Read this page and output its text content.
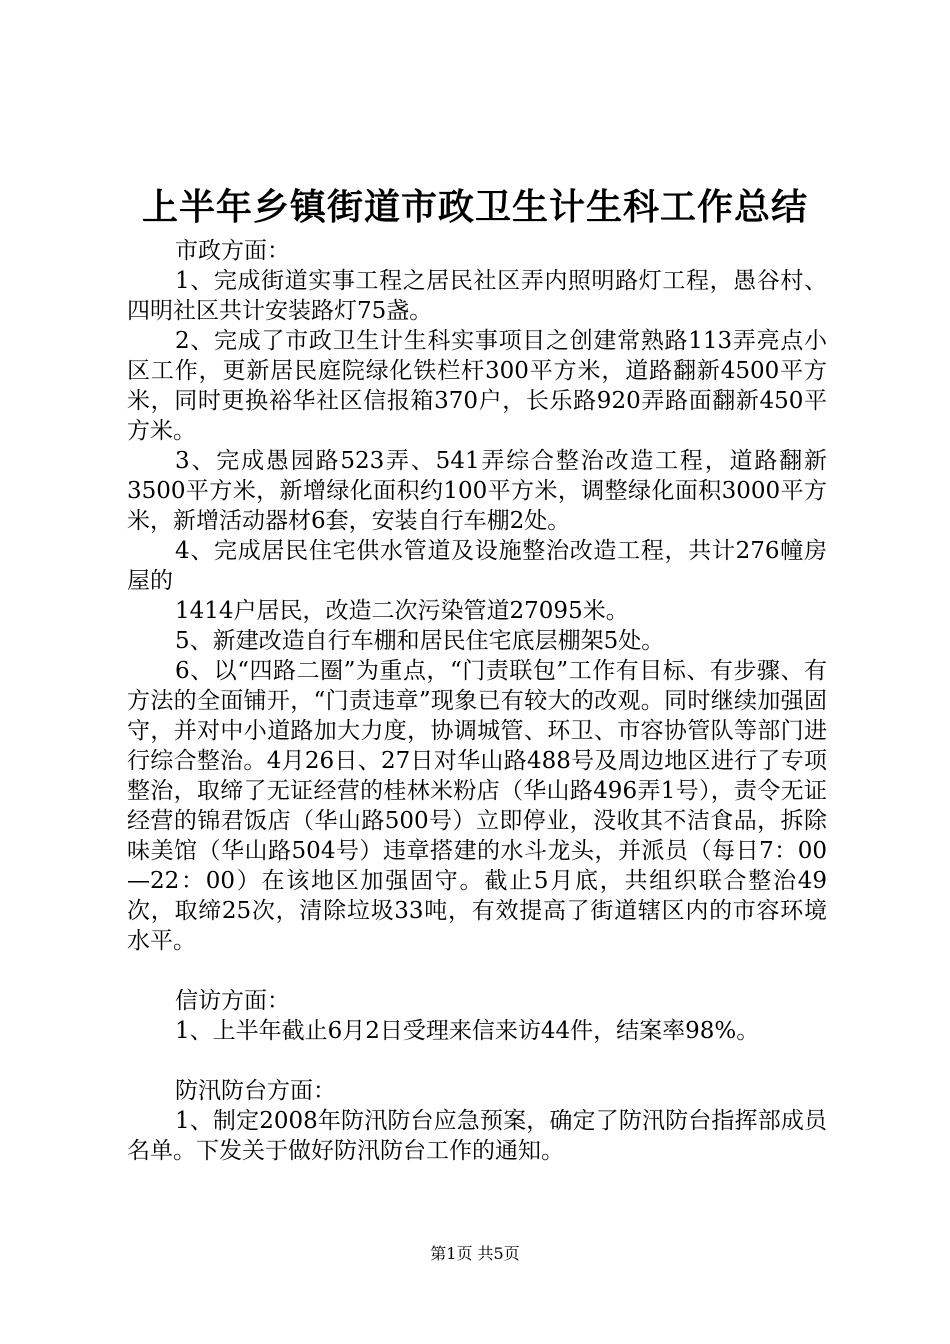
上半年乡镇街道市政卫生计生科工作总结

市政方面：

1、完成街道实事工程之居民社区弄内照明路灯工程，愚谷村、四明社区共计安装路灯75盏。

2、完成了市政卫生计生科实事项目之创建常熟路113弄亮点小区工作，更新居民庭院绿化铁栏杆300平方米，道路翻新4500平方米，同时更换裕华社区信报箱370户，长乐路920弄路面翻新450平方米。

3、完成愚园路523弄、541弄综合整治改造工程，道路翻新3500平方米，新增绿化面积约100平方米，调整绿化面积3000平方米，新增活动器材6套，安装自行车棚2处。

4、完成居民住宅供水管道及设施整治改造工程，共计276幢房屋的

1414户居民，改造二次污染管道27095米。

5、新建改造自行车棚和居民住宅底层棚架5处。

6、以“四路二圈”为重点，“门责联包”工作有目标、有步骤、有方法的全面铺开，“门责违章”现象已有较大的改观。同时继续加强固守，并对中小道路加大力度，协调城管、环卫、市容协管队等部门进行综合整治。4月26日、27日对华山路488号及周边地区进行了专项整治，取缔了无证经营的桂林米粉店（华山路496弄1号），责令无证经营的锦君饭店（华山路500号）立即停业，没收其不洁食品，拆除味美馆（华山路504号）违章搭建的水斗龙头，并派员（每日7：00—22：00）在该地区加强固守。截止5月底，共组织联合整治49次，取缔25次，清除垃圾33吨，有效提高了街道辖区内的市容环境水平。

信访方面：

1、上半年截止6月2日受理来信来访44件，结案率98%。

防汛防台方面：

1、制定2008年防汛防台应急预案，确定了防汛防台指挥部成员名单。下发关于做好防汛防台工作的通知。

第1页 共5页
